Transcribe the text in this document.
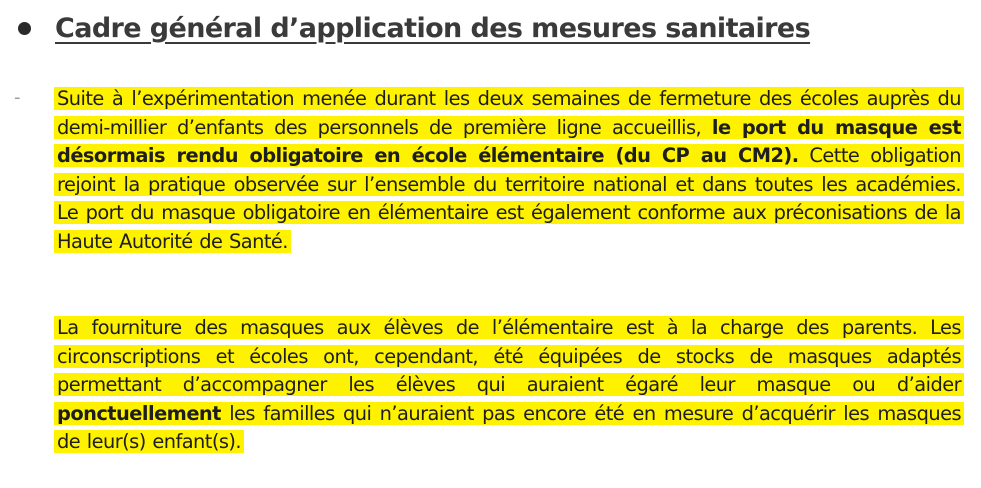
Cadre général d’application des mesures sanitaires
- Suite à l’expérimentation menée durant les deux semaines de fermeture des écoles auprès du demi-millier d’enfants des personnels de première ligne accueillis, le port du masque est désormais rendu obligatoire en école élémentaire (du CP au CM2). Cette obligation rejoint la pratique observée sur l’ensemble du territoire national et dans toutes les académies. Le port du masque obligatoire en élémentaire est également conforme aux préconisations de la Haute Autorité de Santé.

La fourniture des masques aux élèves de l’élémentaire est à la charge des parents. Les circonscriptions et écoles ont, cependant, été équipées de stocks de masques adaptés permettant d’accompagner les élèves qui auraient égaré leur masque ou d’aider ponctuellement les familles qui n’auraient pas encore été en mesure d’acquérir les masques de leur(s) enfant(s).
